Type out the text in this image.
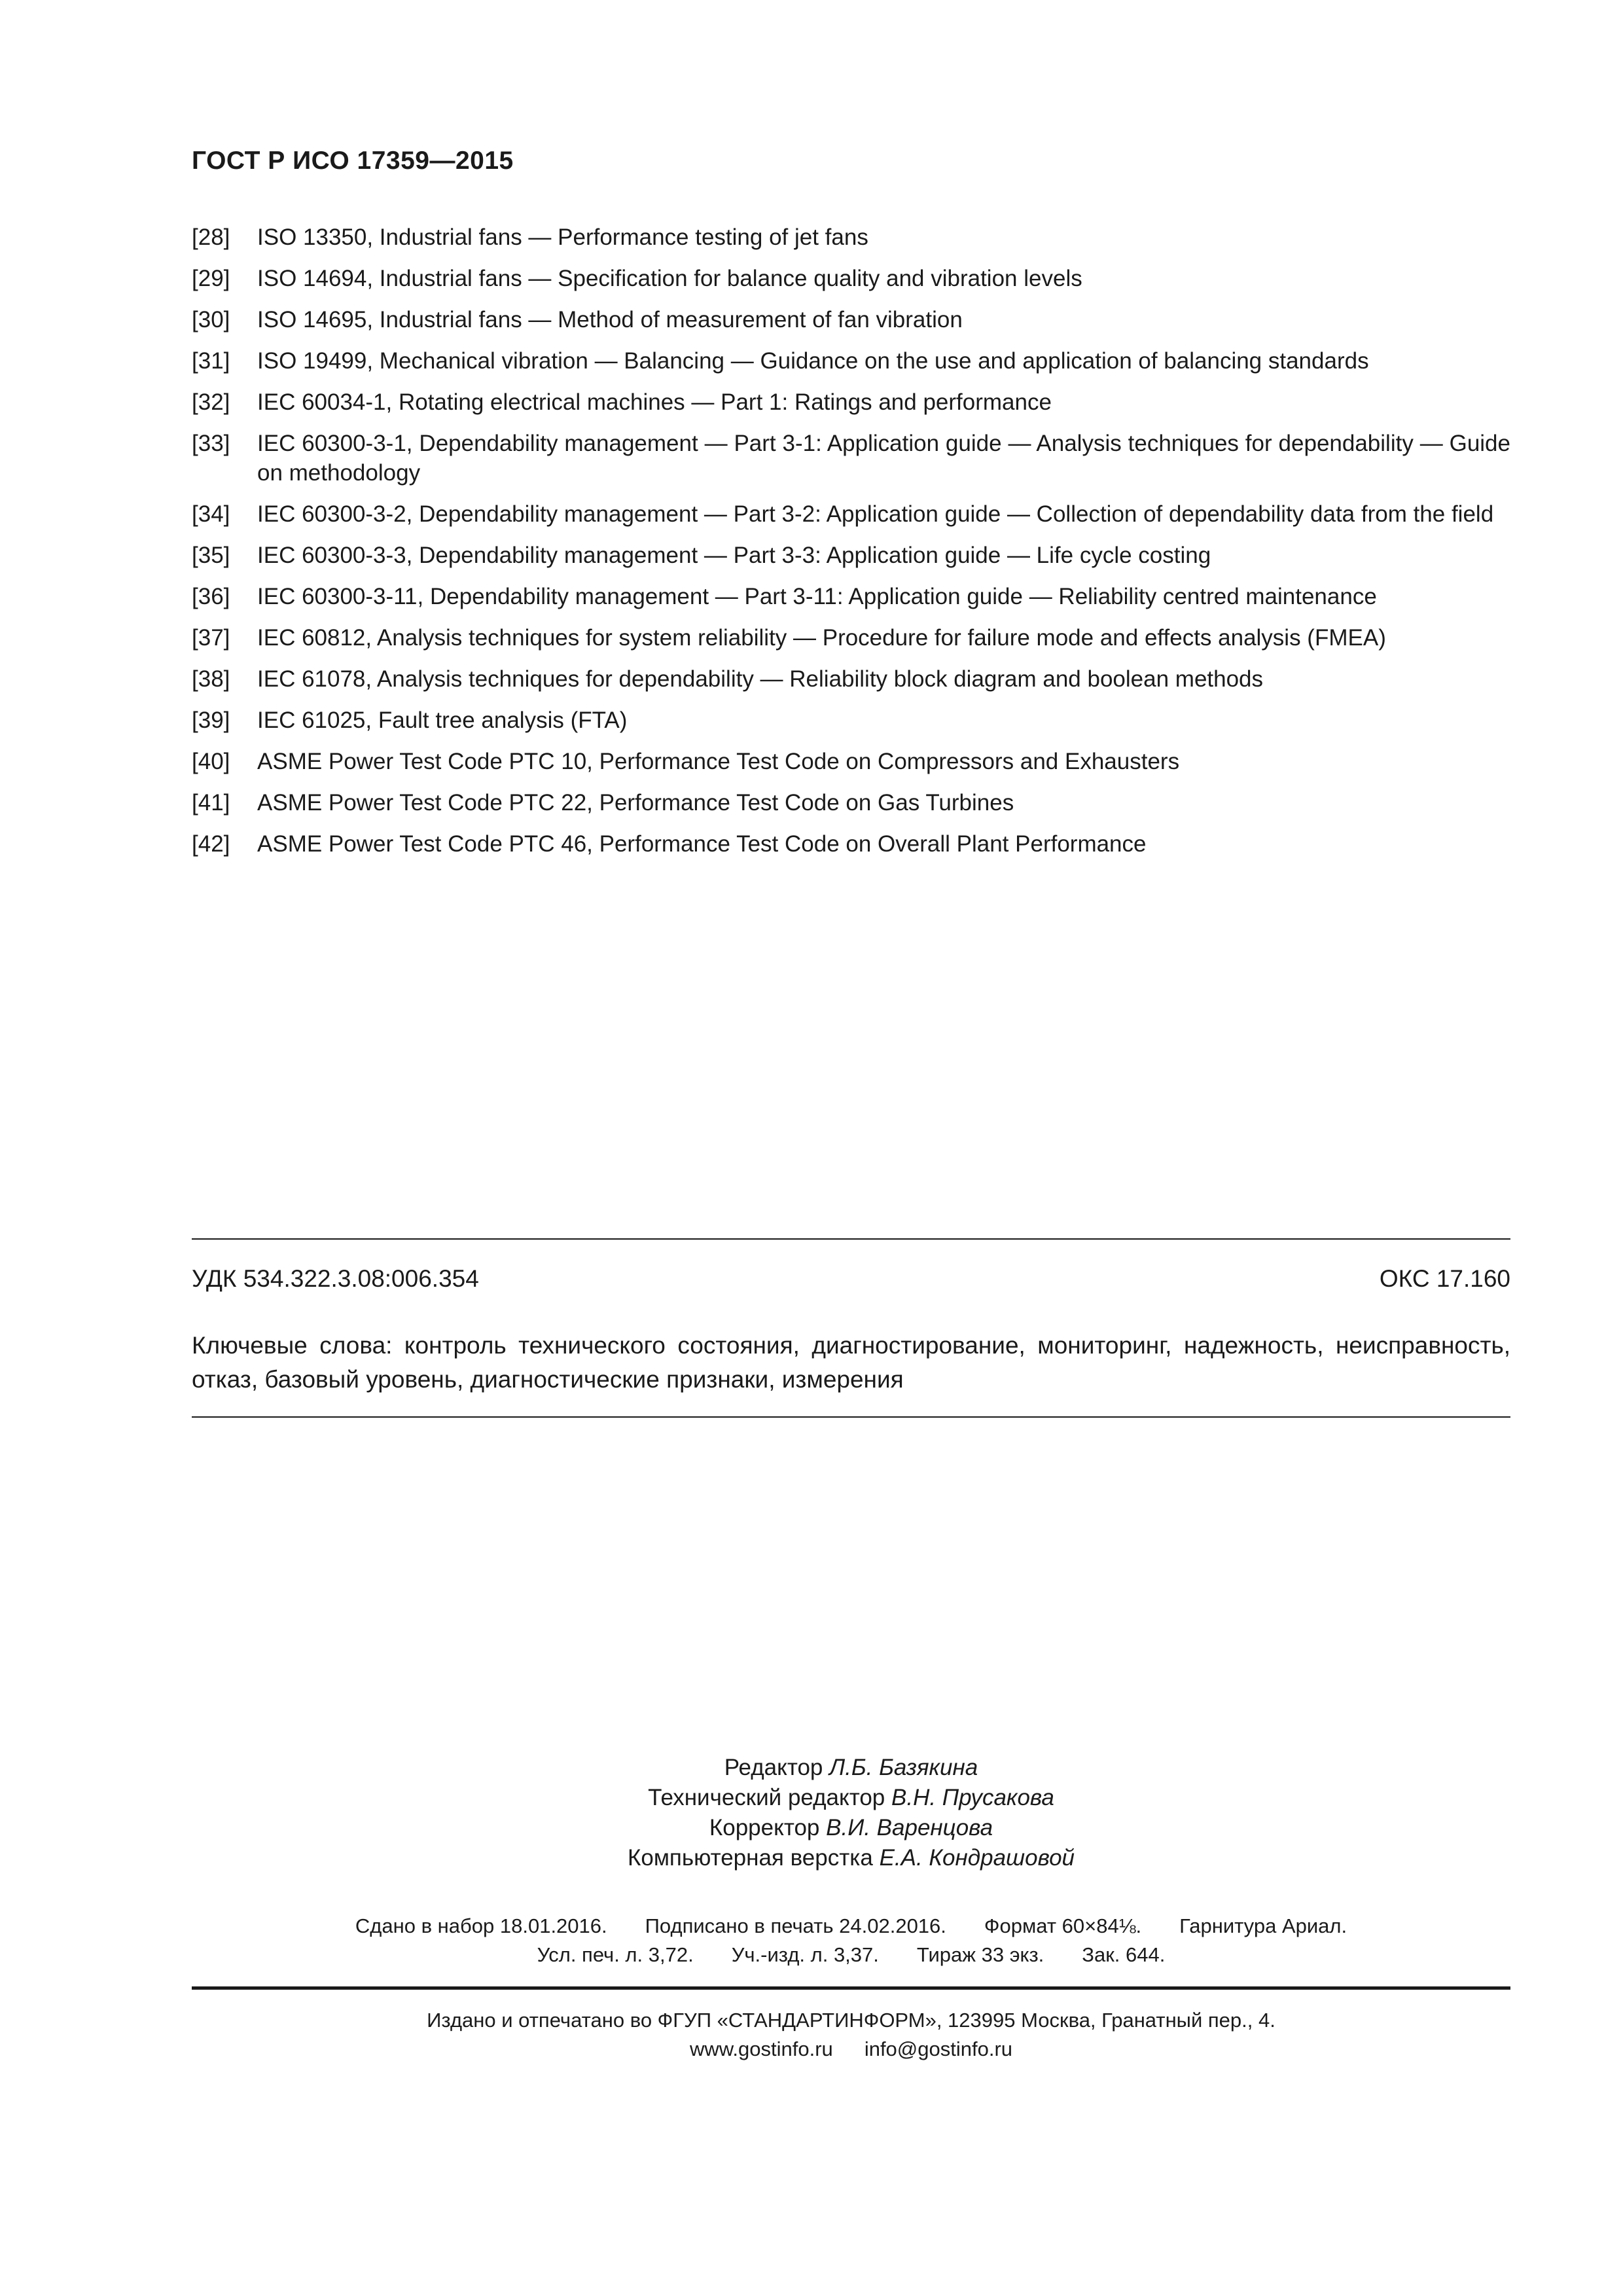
ГОСТ Р ИСО 17359—2015
[28]	ISO 13350, Industrial fans — Performance testing of jet fans
[29]	ISO 14694, Industrial fans — Specification for balance quality and vibration levels
[30]	ISO 14695, Industrial fans — Method of measurement of fan vibration
[31]	ISO 19499, Mechanical vibration — Balancing — Guidance on the use and application of balancing standards
[32]	IEC 60034-1, Rotating electrical machines — Part 1: Ratings and performance
[33]	IEC 60300-3-1, Dependability management — Part 3-1: Application guide — Analysis techniques for dependability — Guide on methodology
[34]	IEC 60300-3-2, Dependability management — Part 3-2: Application guide — Collection of dependability data from the field
[35]	IEC 60300-3-3, Dependability management — Part 3-3: Application guide — Life cycle costing
[36]	IEC 60300-3-11, Dependability management — Part 3-11: Application guide — Reliability centred maintenance
[37]	IEC 60812, Analysis techniques for system reliability — Procedure for failure mode and effects analysis (FMEA)
[38]	IEC 61078, Analysis techniques for dependability — Reliability block diagram and boolean methods
[39]	IEC 61025, Fault tree analysis (FTA)
[40]	ASME Power Test Code PTC 10, Performance Test Code on Compressors and Exhausters
[41]	ASME Power Test Code PTC 22, Performance Test Code on Gas Turbines
[42]	ASME Power Test Code PTC 46, Performance Test Code on Overall Plant Performance
УДК 534.322.3.08:006.354	ОКС 17.160
Ключевые слова: контроль технического состояния, диагностирование, мониторинг, надежность, неисправность, отказ, базовый уровень, диагностические признаки, измерения
Редактор Л.Б. Базякина
Технический редактор В.Н. Прусакова
Корректор В.И. Варенцова
Компьютерная верстка Е.А. Кондрашовой
Сдано в набор 18.01.2016. Подписано в печать 24.02.2016. Формат 60×84⅛. Гарнитура Ариал.
Усл. печ. л. 3,72. Уч.-изд. л. 3,37. Тираж 33 экз. Зак. 644.
Издано и отпечатано во ФГУП «СТАНДАРТИНФОРМ», 123995 Москва, Гранатный пер., 4.
www.gostinfo.ru info@gostinfo.ru
